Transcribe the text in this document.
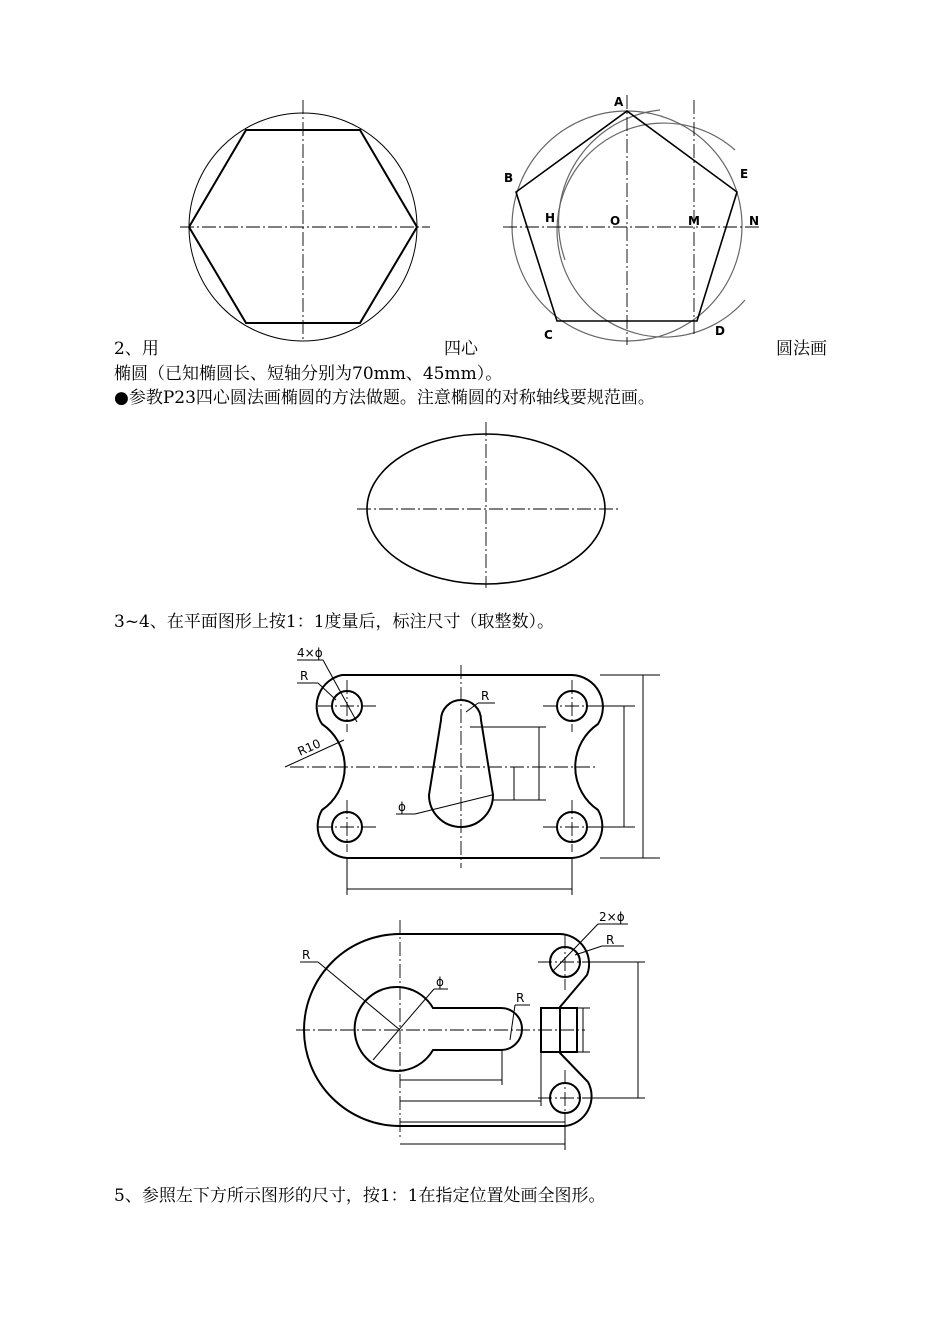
A
B
C	D
E
H	O	M	N
2、用	四心	圆法画
椭圆（已知椭圆长、短轴分别为70mm、45mm）。
●参教P23四心圆法画椭圆的方法做题。注意椭圆的对称轴线要规范画。
3~4、在平面图形上按1：1度量后，标注尺寸（取整数）。
4×ϕ
R
R
R10
ϕ
2×ϕ
R
R
ϕ
R
5、参照左下方所示图形的尺寸，按1：1在指定位置处画全图形。
